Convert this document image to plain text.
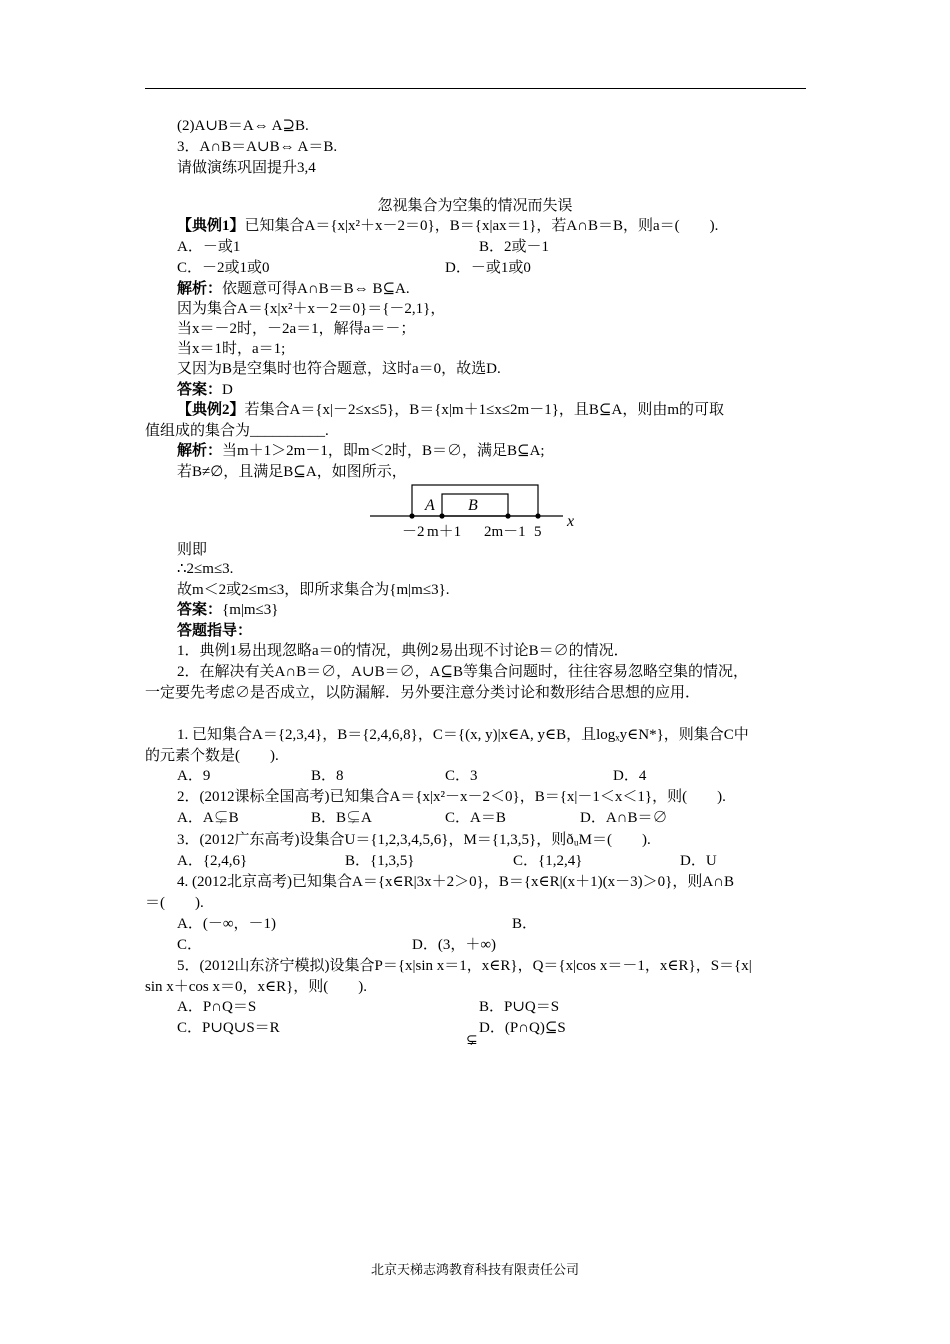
(2)A∪B＝A⇔ A⊇B.
3．A∩B＝A∪B⇔ A＝B.
请做演练巩固提升3,4
忽视集合为空集的情况而失误
【典例1】已知集合A＝{x|x²＋x－2＝0}，B＝{x|ax＝1}，若A∩B＝B，则a＝(　　).
A．－或1	B．2或－1
C．－2或1或0	D．－或1或0
解析：依题意可得A∩B＝B⇔ B⊆A.
因为集合A＝{x|x²＋x－2＝0}＝{－2,1}，
当x＝－2时，－2a＝1，解得a＝－；
当x＝1时，a＝1;
又因为B是空集时也符合题意，这时a＝0，故选D.
答案：D
【典例2】若集合A＝{x|－2≤x≤5}，B＝{x|m＋1≤x≤2m－1}，且B⊆A，则由m的可取
值组成的集合为__________.
解析：当m＋1＞2m－1，即m＜2时，B＝∅，满足B⊆A;
若B≠∅，且满足B⊆A，如图所示，
A B
－2 m＋1 2m－1 5
x
则即
∴2≤m≤3.
故m＜2或2≤m≤3，即所求集合为{m|m≤3}.
答案：{m|m≤3}
答题指导：
1．典例1易出现忽略a＝0的情况，典例2易出现不讨论B＝∅的情况．
2．在解决有关A∩B＝∅，A∪B＝∅，A⊆B等集合问题时，往往容易忽略空集的情况，
一定要先考虑∅是否成立，以防漏解．另外要注意分类讨论和数形结合思想的应用．
1. 已知集合A＝{2,3,4}，B＝{2,4,6,8}，C＝{(x, y)|x∈A, y∈B，且logₓy∈N*}，则集合C中
的元素个数是(　　).
A．9	B．8	C．3	D．4
2．(2012课标全国高考)已知集合A＝{x|x²－x－2＜0}，B＝{x|－1＜x＜1}，则(　　).
A．A⊊B	B．B⊊A	C．A＝B	D．A∩B＝∅
3．(2012广东高考)设集合U＝{1,2,3,4,5,6}，M＝{1,3,5}，则ðᵤM＝(　　).
A．{2,4,6}	B．{1,3,5}	C．{1,2,4}	D．U
4. (2012北京高考)已知集合A＝{x∈R|3x＋2＞0}，B＝{x∈R|(x＋1)(x－3)＞0}，则A∩B
＝(　　).
A．(－∞，－1)	B．
C．	D．(3，＋∞)
5．(2012山东济宁模拟)设集合P＝{x|sin x＝1，x∈R}，Q＝{x|cos x＝－1，x∈R}，S＝{x|
sin x＋cos x＝0，x∈R}，则(　　).
A．P∩Q＝S	B．P∪Q＝S
C．P∪Q∪S＝R	D．(P∩Q)⊆S
⊊
北京天梯志鸿教育科技有限责任公司
